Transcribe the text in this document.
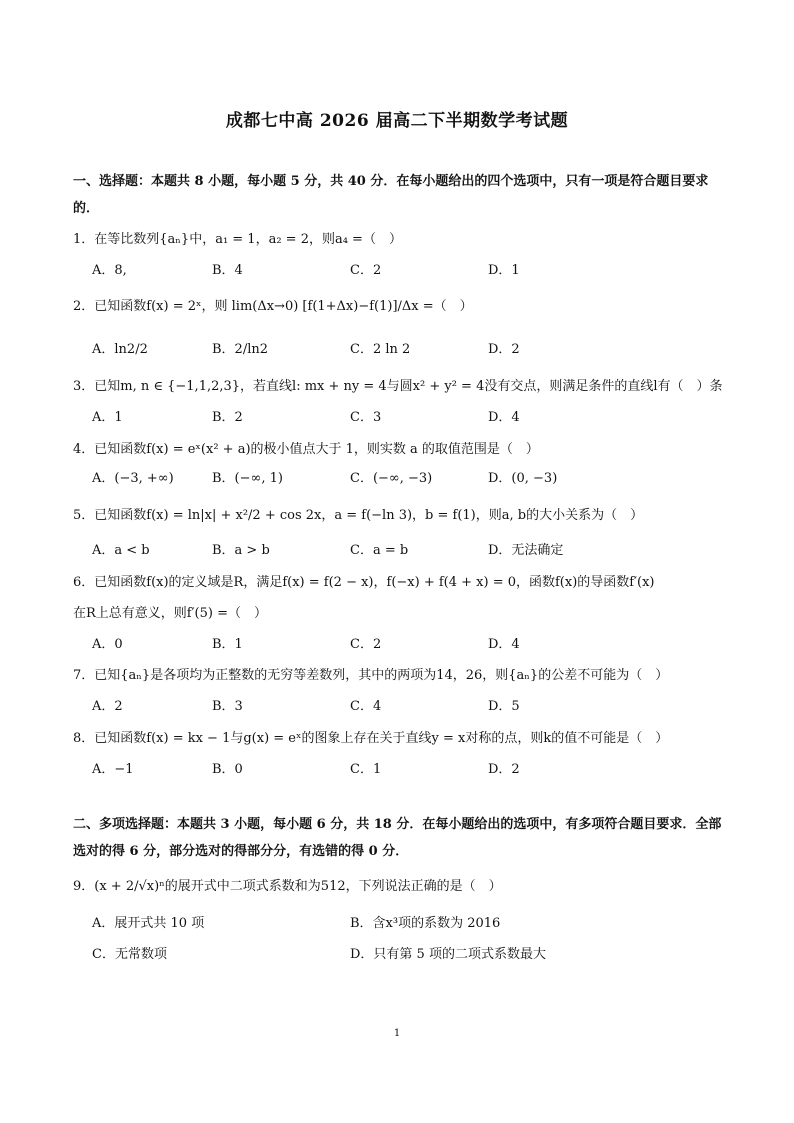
成都七中高 2026 届高二下半期数学考试题
一、选择题：本题共 8 小题，每小题 5 分，共 40 分．在每小题给出的四个选项中，只有一项是符合题目要求的．
1．在等比数列{aₙ}中，a₁ = 1，a₂ = 2，则a₄ =（　）
A．8,	B．4	C．2	D．1
2．已知函数f(x) = 2ˣ，则 lim(Δx→0) [f(1+Δx)−f(1)]/Δx =（　）
A．ln2/2	B．2/ln2	C．2 ln 2	D．2
3．已知m, n ∈ {−1,1,2,3}，若直线l: mx + ny = 4与圆x² + y² = 4没有交点，则满足条件的直线l有（　）条
A．1	B．2	C．3	D．4
4．已知函数f(x) = eˣ(x² + a)的极小值点大于 1，则实数 a 的取值范围是（　）
A．(−3, +∞)	B．(−∞, 1)	C．(−∞, −3)	D．(0, −3)
5．已知函数f(x) = ln|x| + x²/2 + cos 2x，a = f(−ln 3)，b = f(1)，则a, b的大小关系为（　）
A．a < b	B．a > b	C．a = b	D．无法确定
6．已知函数f(x)的定义域是R，满足f(x) = f(2 − x)，f(−x) + f(4 + x) = 0，函数f(x)的导函数f′(x)
在R上总有意义，则f′(5) =（　）
A．0	B．1	C．2	D．4
7．已知{aₙ}是各项均为正整数的无穷等差数列，其中的两项为14，26，则{aₙ}的公差不可能为（　）
A．2	B．3	C．4	D．5
8．已知函数f(x) = kx − 1与g(x) = eˣ的图象上存在关于直线y = x对称的点，则k的值不可能是（　）
A．−1	B．0	C．1	D．2
二、多项选择题：本题共 3 小题，每小题 6 分，共 18 分．在每小题给出的选项中，有多项符合题目要求．全部选对的得 6 分，部分选对的得部分分，有选错的得 0 分．
9．(x + 2/√x)ⁿ的展开式中二项式系数和为512，下列说法正确的是（　）
A．展开式共 10 项	B．含x³项的系数为 2016
C．无常数项	D．只有第 5 项的二项式系数最大
1
